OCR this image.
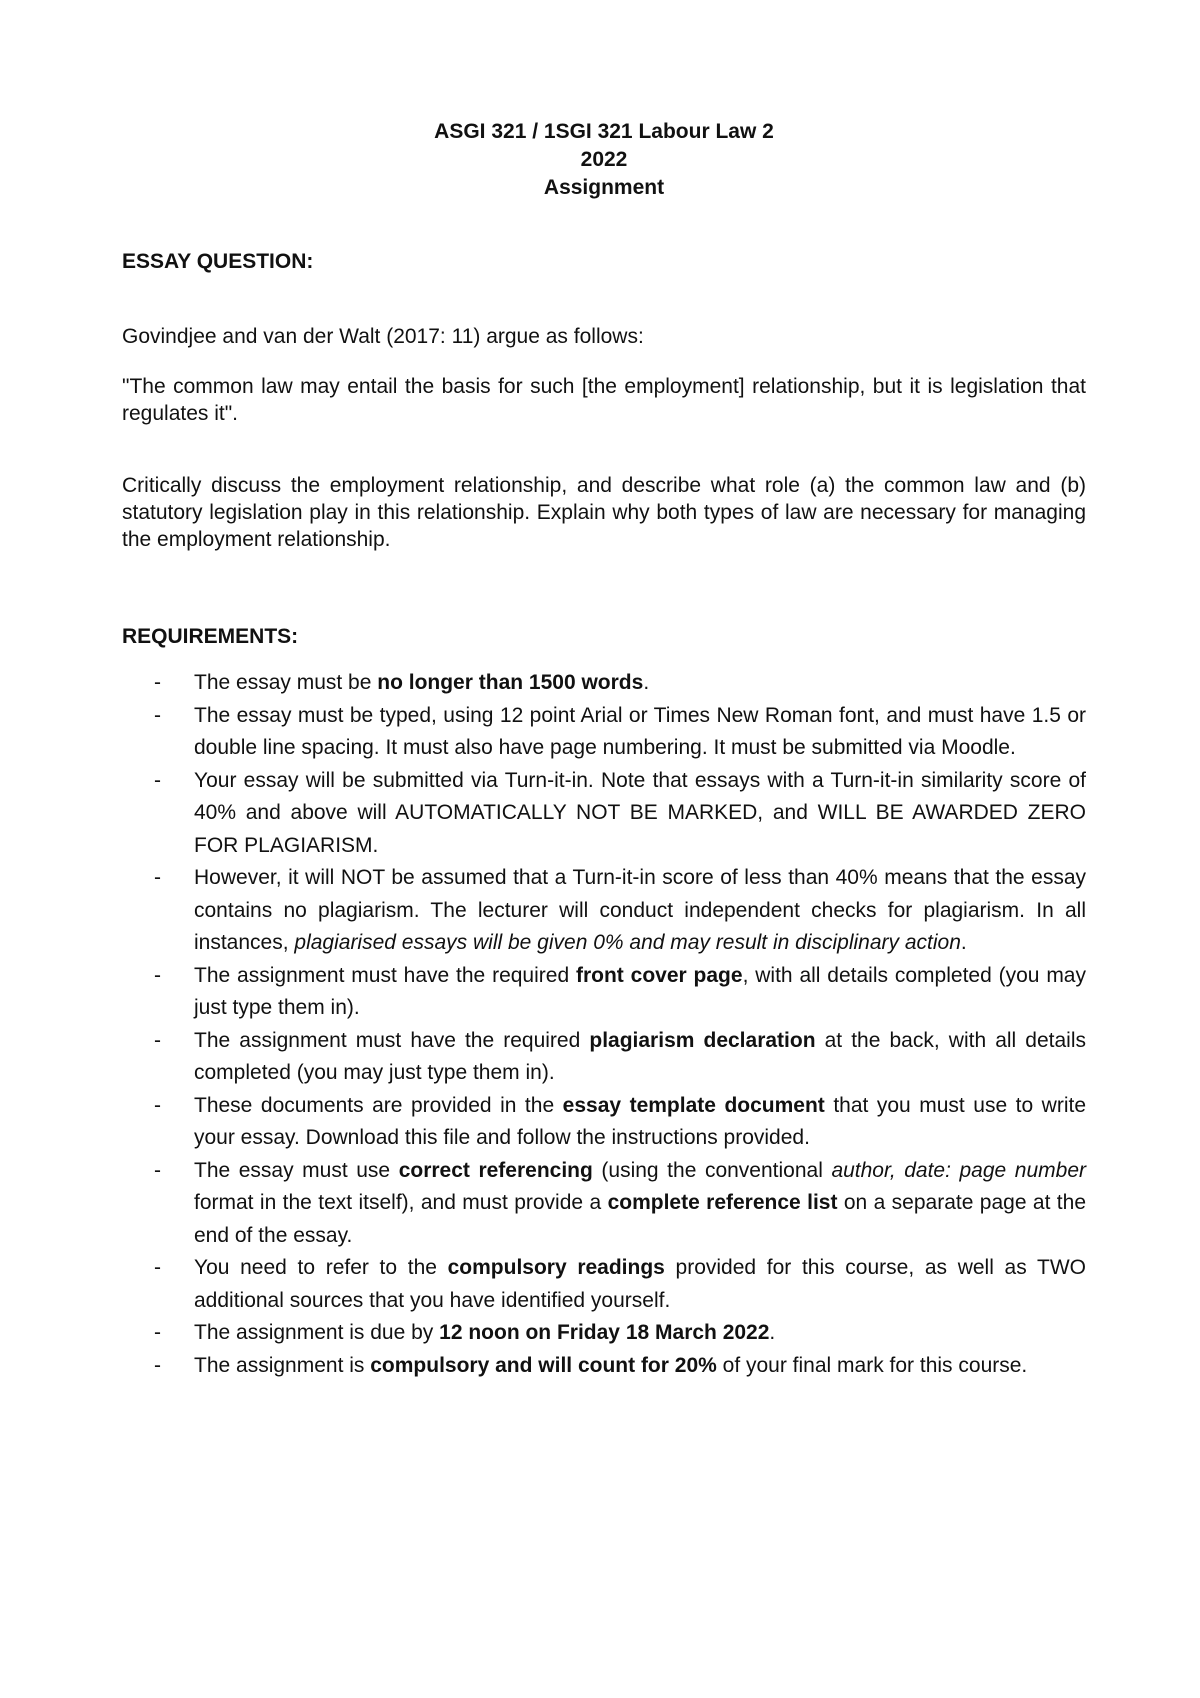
ASGI 321 / 1SGI 321 Labour Law 2
2022
Assignment

ESSAY QUESTION:

Govindjee and van der Walt (2017: 11) argue as follows:

"The common law may entail the basis for such [the employment] relationship, but it is legislation that regulates it".

Critically discuss the employment relationship, and describe what role (a) the common law and (b) statutory legislation play in this relationship. Explain why both types of law are necessary for managing the employment relationship.

REQUIREMENTS:

- The essay must be no longer than 1500 words.
- The essay must be typed, using 12 point Arial or Times New Roman font, and must have 1.5 or double line spacing. It must also have page numbering. It must be submitted via Moodle.
- Your essay will be submitted via Turn-it-in. Note that essays with a Turn-it-in similarity score of 40% and above will AUTOMATICALLY NOT BE MARKED, and WILL BE AWARDED ZERO FOR PLAGIARISM.
- However, it will NOT be assumed that a Turn-it-in score of less than 40% means that the essay contains no plagiarism. The lecturer will conduct independent checks for plagiarism. In all instances, plagiarised essays will be given 0% and may result in disciplinary action.
- The assignment must have the required front cover page, with all details completed (you may just type them in).
- The assignment must have the required plagiarism declaration at the back, with all details completed (you may just type them in).
- These documents are provided in the essay template document that you must use to write your essay. Download this file and follow the instructions provided.
- The essay must use correct referencing (using the conventional author, date: page number format in the text itself), and must provide a complete reference list on a separate page at the end of the essay.
- You need to refer to the compulsory readings provided for this course, as well as TWO additional sources that you have identified yourself.
- The assignment is due by 12 noon on Friday 18 March 2022.
- The assignment is compulsory and will count for 20% of your final mark for this course.
